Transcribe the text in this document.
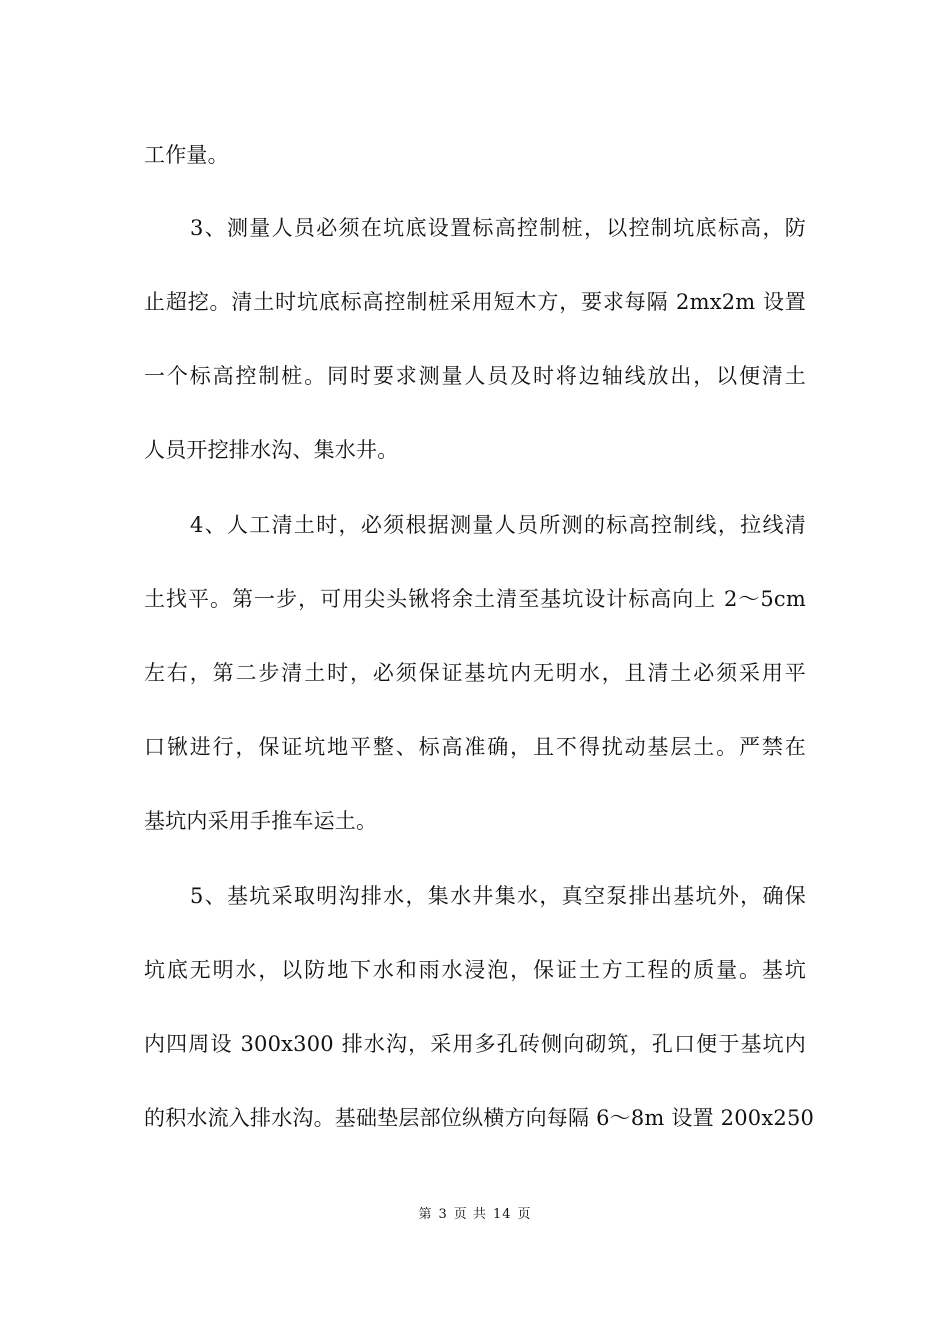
工作量。
3、测量人员必须在坑底设置标高控制桩，以控制坑底标高，防
止超挖。清土时坑底标高控制桩采用短木方，要求每隔 2mx2m 设置
一个标高控制桩。同时要求测量人员及时将边轴线放出，以便清土
人员开挖排水沟、集水井。
4、人工清土时，必须根据测量人员所测的标高控制线，拉线清
土找平。第一步，可用尖头锹将余土清至基坑设计标高向上 2～5cm
左右，第二步清土时，必须保证基坑内无明水，且清土必须采用平
口锹进行，保证坑地平整、标高准确，且不得扰动基层土。严禁在
基坑内采用手推车运土。
5、基坑采取明沟排水，集水井集水，真空泵排出基坑外，确保
坑底无明水，以防地下水和雨水浸泡，保证土方工程的质量。基坑
内四周设 300x300 排水沟，采用多孔砖侧向砌筑，孔口便于基坑内
的积水流入排水沟。基础垫层部位纵横方向每隔 6～8m 设置 200x250
第 3 页 共 14 页
